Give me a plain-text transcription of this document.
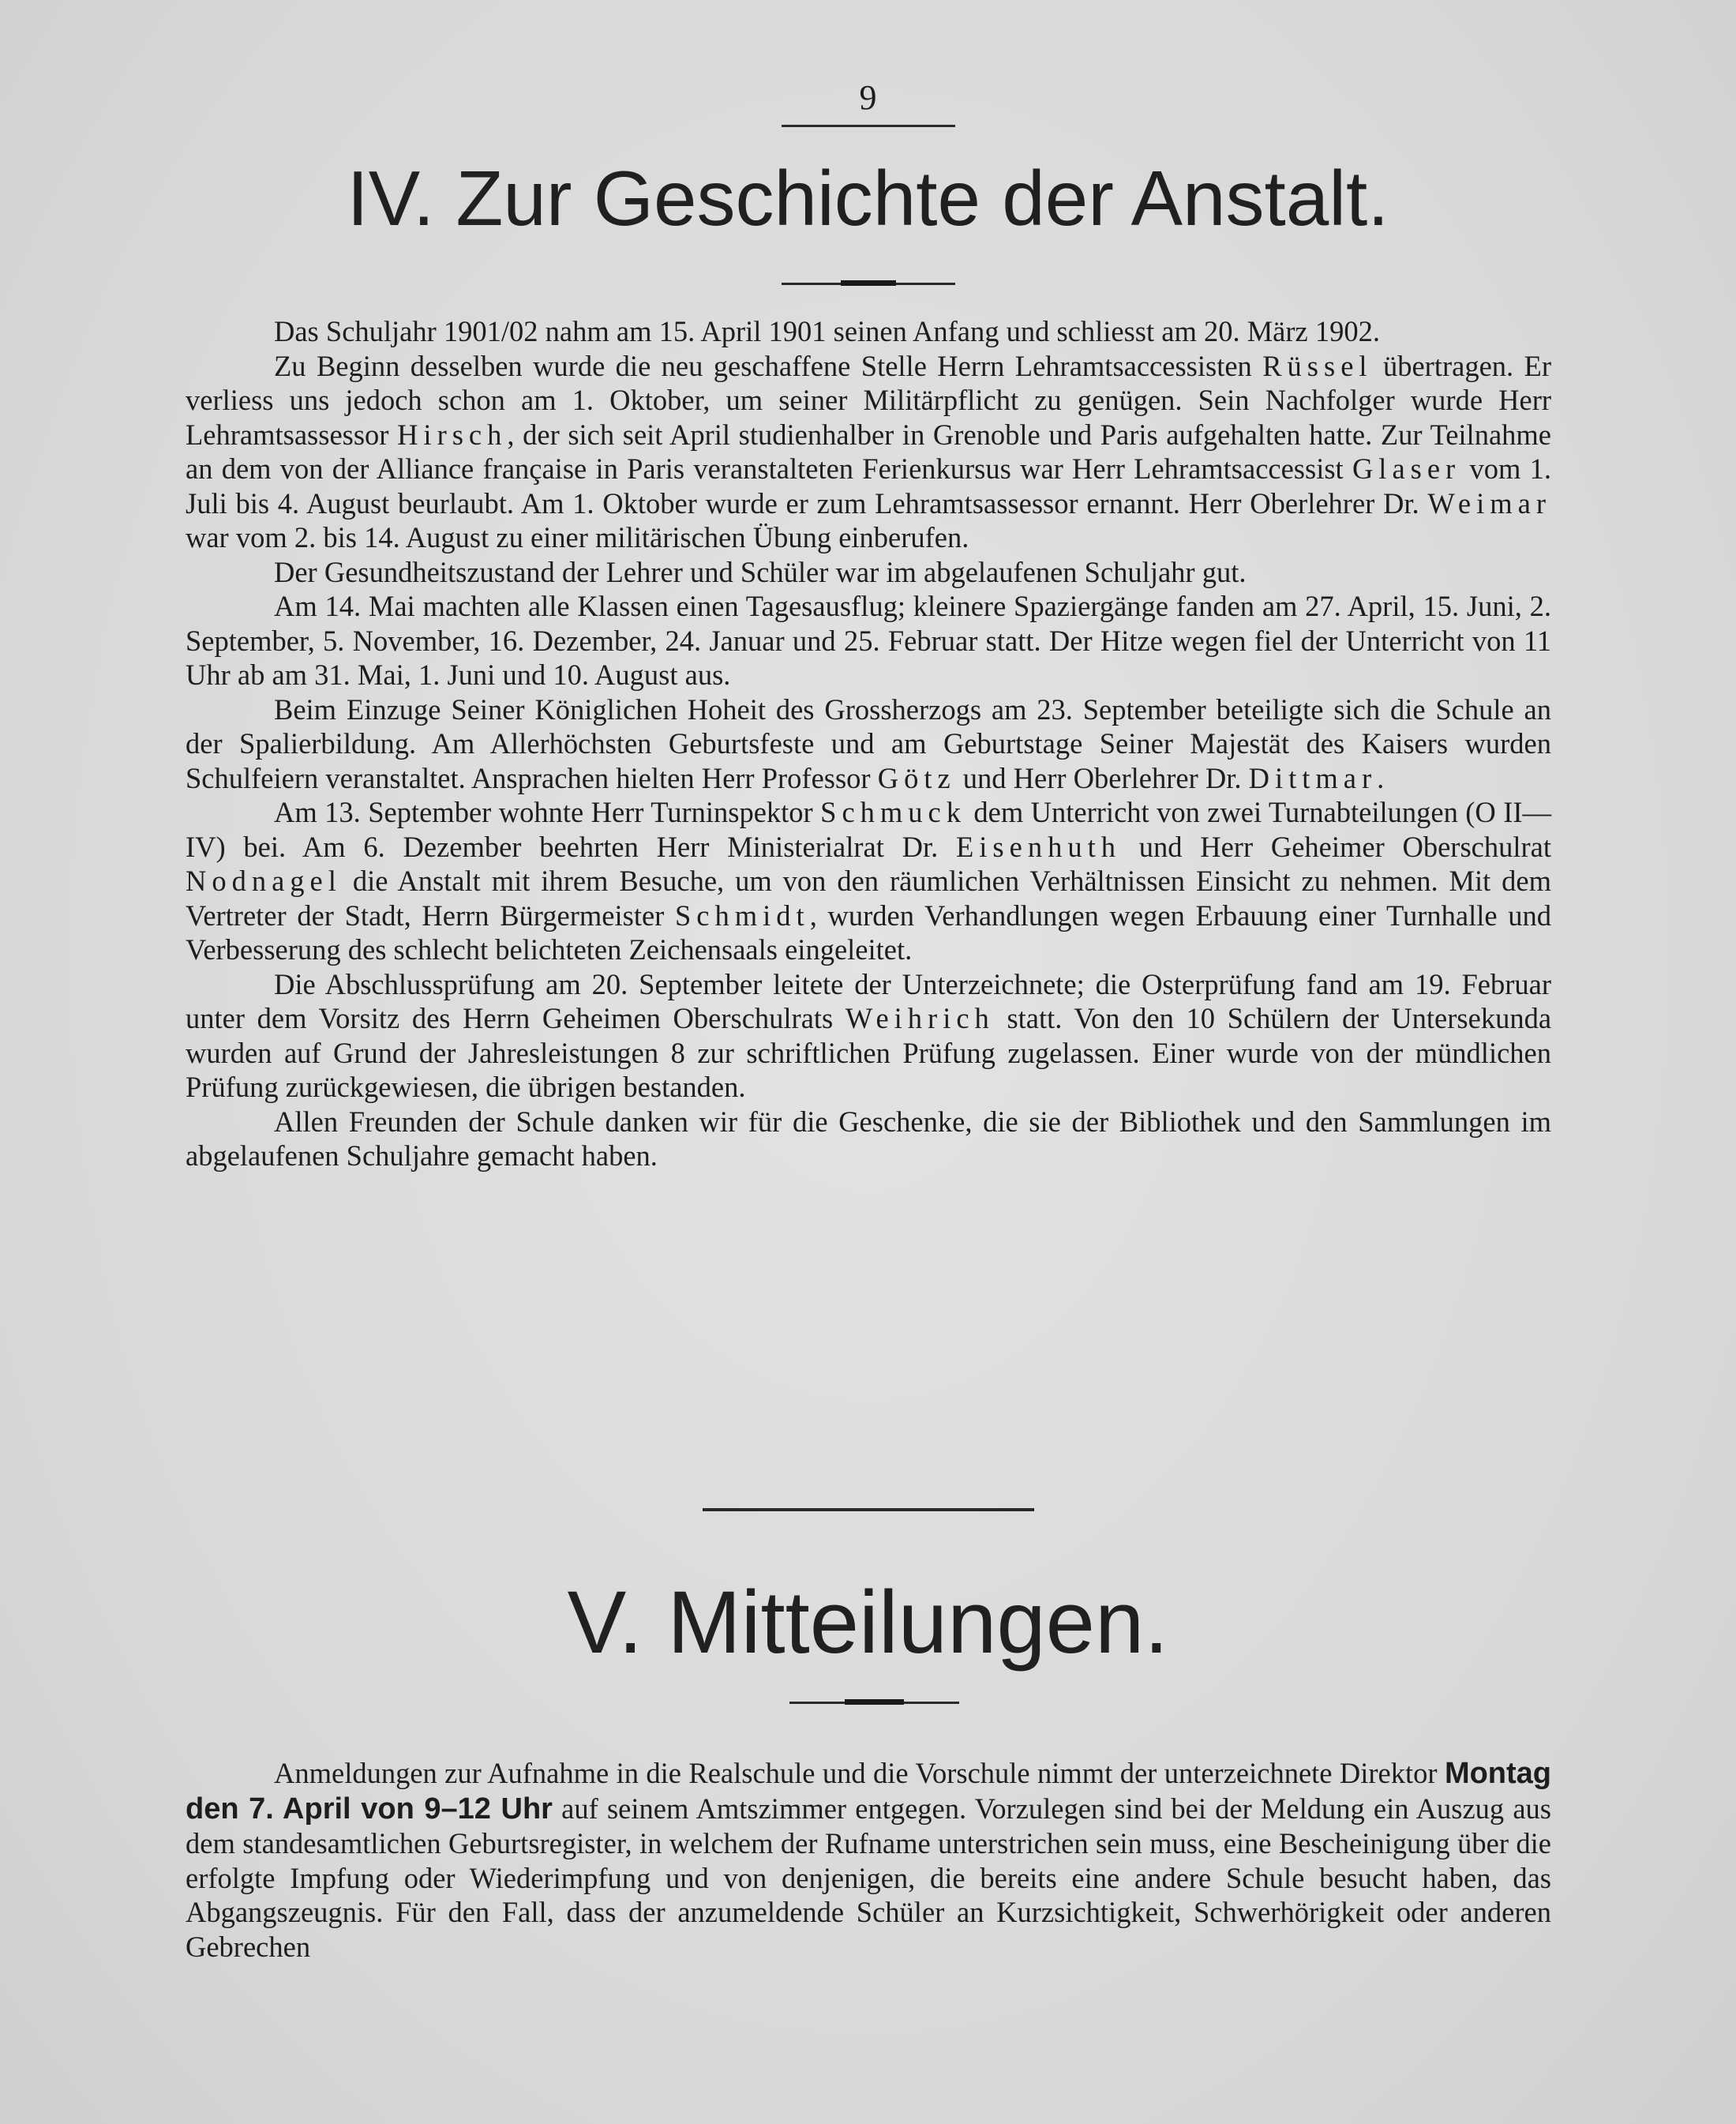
9
IV. Zur Geschichte der Anstalt.

Das Schuljahr 1901/02 nahm am 15. April 1901 seinen Anfang und schliesst am 20. März 1902.

Zu Beginn desselben wurde die neu geschaffene Stelle Herrn Lehramtsaccessisten Rüssel übertragen. Er verliess uns jedoch schon am 1. Oktober, um seiner Militärpflicht zu genügen. Sein Nachfolger wurde Herr Lehramtsassessor Hirsch, der sich seit April studienhalber in Grenoble und Paris aufgehalten hatte. Zur Teilnahme an dem von der Alliance française in Paris veranstalteten Ferienkursus war Herr Lehramtsaccessist Glaser vom 1. Juli bis 4. August beurlaubt. Am 1. Oktober wurde er zum Lehramtsassessor ernannt. Herr Oberlehrer Dr. Weimar war vom 2. bis 14. August zu einer militärischen Übung einberufen.

Der Gesundheitszustand der Lehrer und Schüler war im abgelaufenen Schuljahr gut.

Am 14. Mai machten alle Klassen einen Tagesausflug; kleinere Spaziergänge fanden am 27. April, 15. Juni, 2. September, 5. November, 16. Dezember, 24. Januar und 25. Februar statt. Der Hitze wegen fiel der Unterricht von 11 Uhr ab am 31. Mai, 1. Juni und 10. August aus.

Beim Einzuge Seiner Königlichen Hoheit des Grossherzogs am 23. September beteiligte sich die Schule an der Spalierbildung. Am Allerhöchsten Geburtsfeste und am Geburtstage Seiner Majestät des Kaisers wurden Schulfeiern veranstaltet. Ansprachen hielten Herr Professor Götz und Herr Oberlehrer Dr. Dittmar.

Am 13. September wohnte Herr Turninspektor Schmuck dem Unterricht von zwei Turnabteilungen (O II—IV) bei. Am 6. Dezember beehrten Herr Ministerialrat Dr. Eisenhuth und Herr Geheimer Oberschulrat Nodnagel die Anstalt mit ihrem Besuche, um von den räumlichen Verhältnissen Einsicht zu nehmen. Mit dem Vertreter der Stadt, Herrn Bürgermeister Schmidt, wurden Verhandlungen wegen Erbauung einer Turnhalle und Verbesserung des schlecht belichteten Zeichensaals eingeleitet.

Die Abschlussprüfung am 20. September leitete der Unterzeichnete; die Osterprüfung fand am 19. Februar unter dem Vorsitz des Herrn Geheimen Oberschulrats Weihrich statt. Von den 10 Schülern der Untersekunda wurden auf Grund der Jahresleistungen 8 zur schriftlichen Prüfung zugelassen. Einer wurde von der mündlichen Prüfung zurückgewiesen, die übrigen bestanden.

Allen Freunden der Schule danken wir für die Geschenke, die sie der Bibliothek und den Sammlungen im abgelaufenen Schuljahre gemacht haben.

V. Mitteilungen.

Anmeldungen zur Aufnahme in die Realschule und die Vorschule nimmt der unterzeichnete Direktor Montag den 7. April von 9–12 Uhr auf seinem Amtszimmer entgegen. Vorzulegen sind bei der Meldung ein Auszug aus dem standesamtlichen Geburtsregister, in welchem der Rufname unterstrichen sein muss, eine Bescheinigung über die erfolgte Impfung oder Wiederimpfung und von denjenigen, die bereits eine andere Schule besucht haben, das Abgangszeugnis. Für den Fall, dass der anzumeldende Schüler an Kurzsichtigkeit, Schwerhörigkeit oder anderen Gebrechen
